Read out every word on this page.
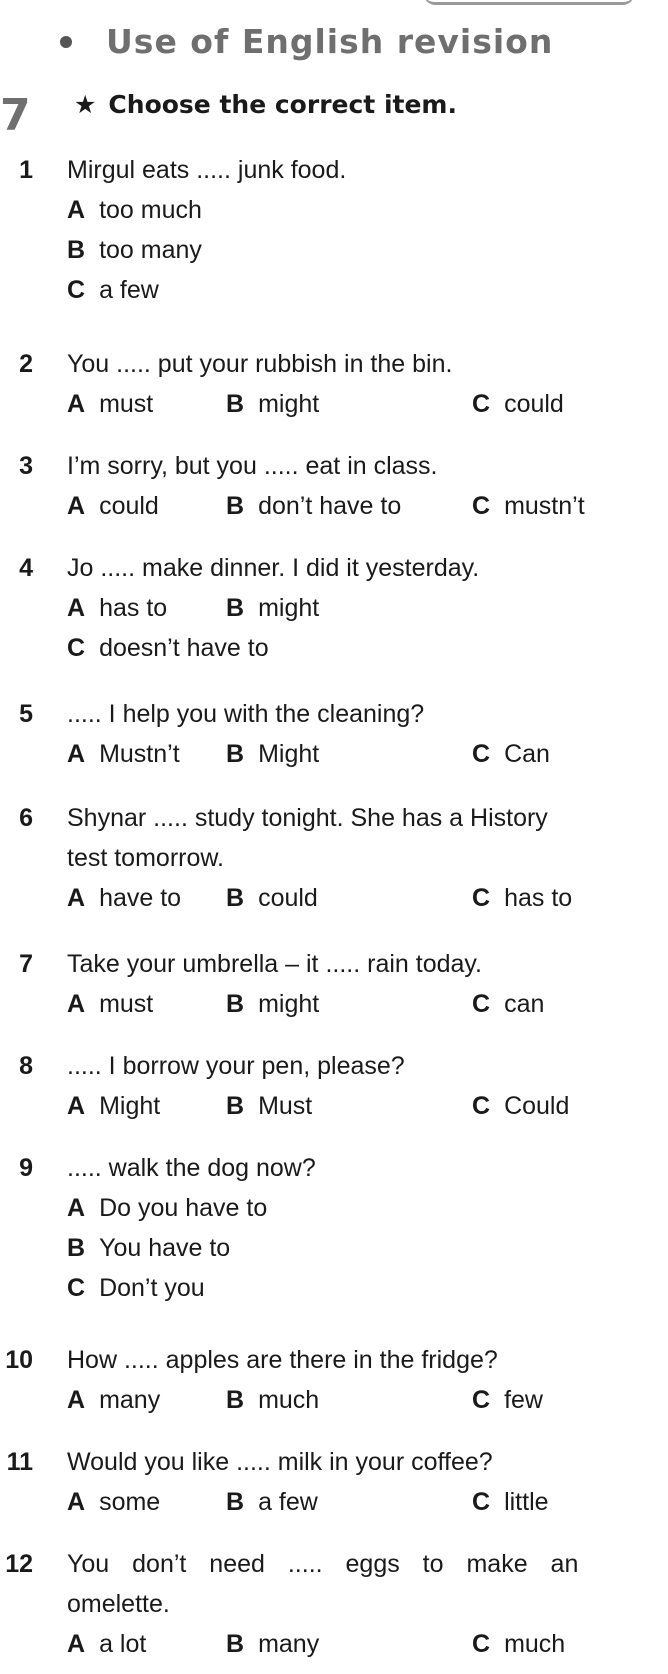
Use of English revision
7 ★ Choose the correct item.
1 Mirgul eats ..... junk food.
A too much
B too many
C a few
2 You ..... put your rubbish in the bin.
A must	B might	C could
3 I’m sorry, but you ..... eat in class.
A could	B don’t have to	C mustn’t
4 Jo ..... make dinner. I did it yesterday.
A has to B might
C doesn’t have to
5 ..... I help you with the cleaning?
A Mustn’t B Might	C Can
6 Shynar ..... study tonight. She has a History
test tomorrow.
A have to B could	C has to
7 Take your umbrella – it ..... rain today.
A must	B might	C can
8 ..... I borrow your pen, please?
A Might	B Must	C Could
9 ..... walk the dog now?
A Do you have to
B You have to
C Don’t you
10 How ..... apples are there in the fridge?
A many	B much	C few
11 Would you like ..... milk in your coffee?
A some	B a few	C little
12 You don’t need ..... eggs to make an
omelette.
A a lot	B many	C much
